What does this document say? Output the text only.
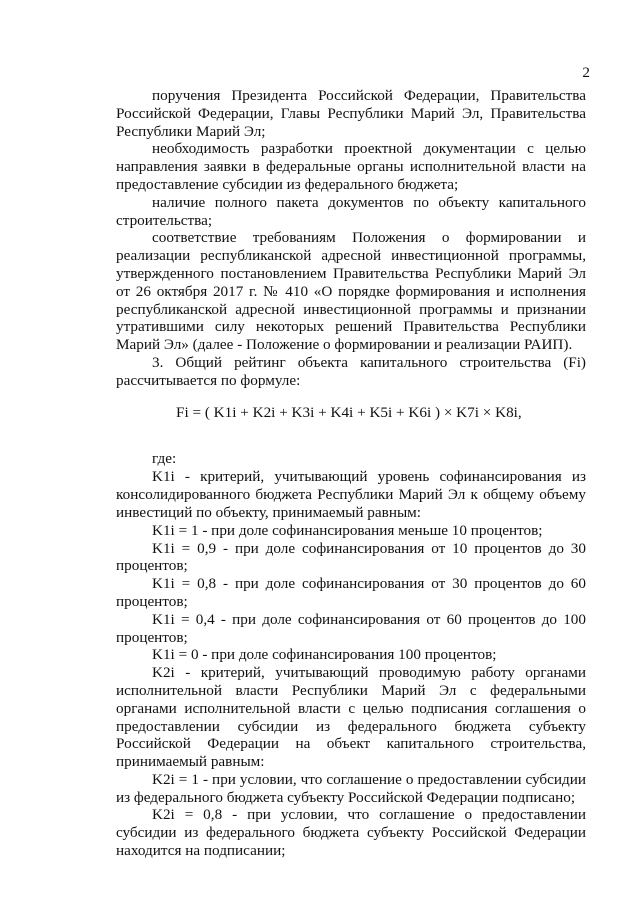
2

поручения Президента Российской Федерации, Правительства Российской Федерации, Главы Республики Марий Эл, Правительства Республики Марий Эл;

необходимость разработки проектной документации с целью направления заявки в федеральные органы исполнительной власти на предоставление субсидии из федерального бюджета;

наличие полного пакета документов по объекту капитального строительства;

соответствие требованиям Положения о формировании и реализации республиканской адресной инвестиционной программы, утвержденного постановлением Правительства Республики Марий Эл от 26 октября 2017 г. № 410 «О порядке формирования и исполнения республиканской адресной инвестиционной программы и признании утратившими силу некоторых решений Правительства Республики Марий Эл» (далее - Положение о формировании и реализации РАИП).

3. Общий рейтинг объекта капитального строительства (Fi) рассчитывается по формуле:

Fi = ( K1i + K2i + K3i + K4i + K5i + K6i ) × K7i × K8i,

где:

K1i - критерий, учитывающий уровень софинансирования из консолидированного бюджета Республики Марий Эл к общему объему инвестиций по объекту, принимаемый равным:

K1i = 1 - при доле софинансирования меньше 10 процентов;

K1i = 0,9 - при доле софинансирования от 10 процентов до 30 процентов;

K1i = 0,8 - при доле софинансирования от 30 процентов до 60 процентов;

K1i = 0,4 - при доле софинансирования от 60 процентов до 100 процентов;

K1i = 0 - при доле софинансирования 100 процентов;

K2i - критерий, учитывающий проводимую работу органами исполнительной власти Республики Марий Эл с федеральными органами исполнительной власти с целью подписания соглашения о предоставлении субсидии из федерального бюджета субъекту Российской Федерации на объект капитального строительства, принимаемый равным:

K2i = 1 - при условии, что соглашение о предоставлении субсидии из федерального бюджета субъекту Российской Федерации подписано;

K2i = 0,8 - при условии, что соглашение о предоставлении субсидии из федерального бюджета субъекту Российской Федерации находится на подписании;
